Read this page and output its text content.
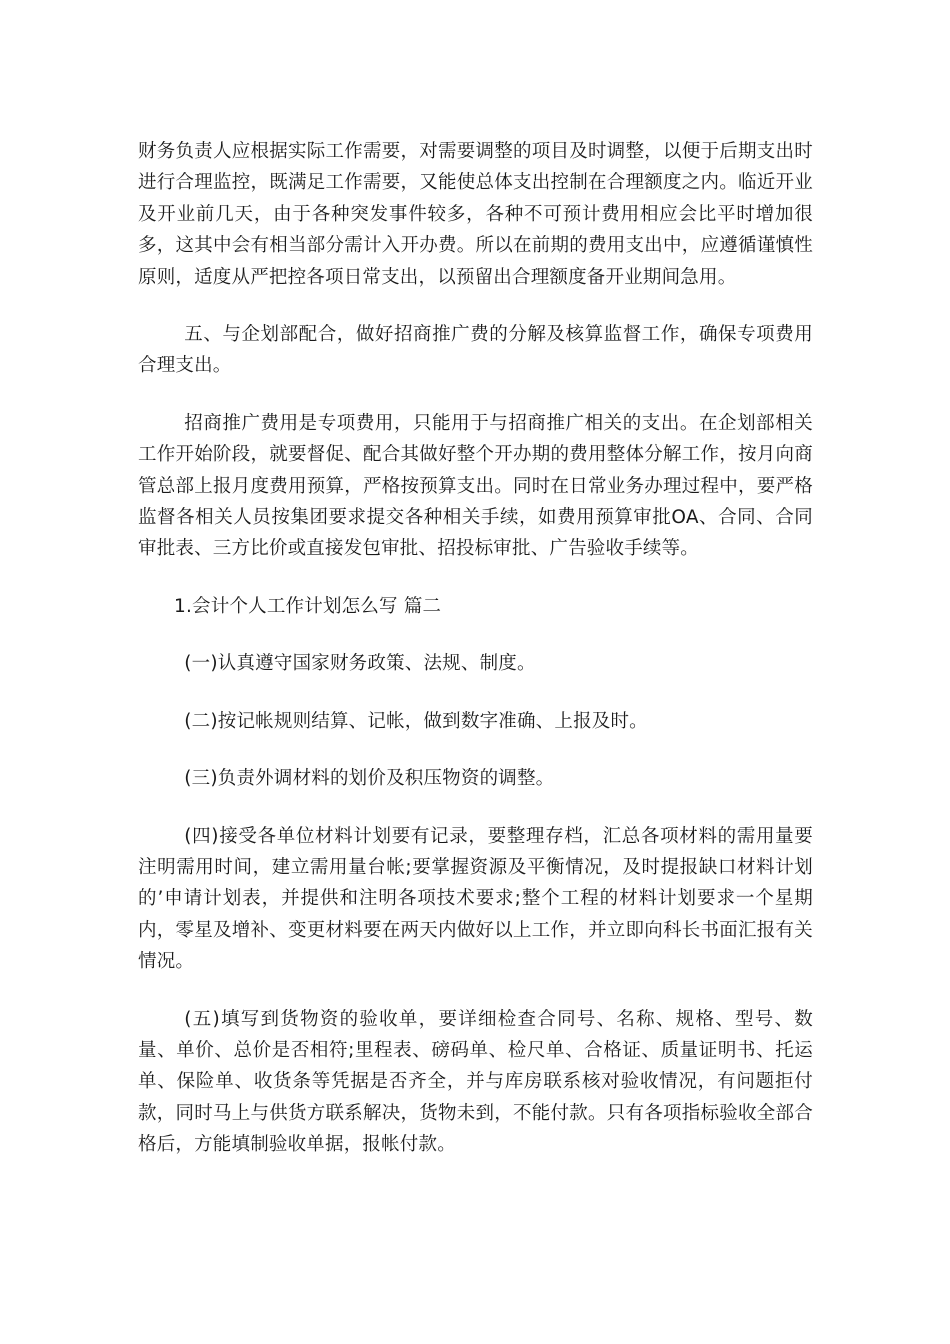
财务负责人应根据实际工作需要，对需要调整的项目及时调整，以便于后期支出时进行合理监控，既满足工作需要，又能使总体支出控制在合理额度之内。临近开业及开业前几天，由于各种突发事件较多，各种不可预计费用相应会比平时增加很多，这其中会有相当部分需计入开办费。所以在前期的费用支出中，应遵循谨慎性原则，适度从严把控各项日常支出，以预留出合理额度备开业期间急用。

五、与企划部配合，做好招商推广费的分解及核算监督工作，确保专项费用合理支出。

招商推广费用是专项费用，只能用于与招商推广相关的支出。在企划部相关工作开始阶段，就要督促、配合其做好整个开办期的费用整体分解工作，按月向商管总部上报月度费用预算，严格按预算支出。同时在日常业务办理过程中，要严格监督各相关人员按集团要求提交各种相关手续，如费用预算审批OA、合同、合同审批表、三方比价或直接发包审批、招投标审批、广告验收手续等。

1.会计个人工作计划怎么写 篇二

(一)认真遵守国家财务政策、法规、制度。

(二)按记帐规则结算、记帐，做到数字准确、上报及时。

(三)负责外调材料的划价及积压物资的调整。

(四)接受各单位材料计划要有记录，要整理存档，汇总各项材料的需用量要注明需用时间，建立需用量台帐;要掌握资源及平衡情况，及时提报缺口材料计划的’申请计划表，并提供和注明各项技术要求;整个工程的材料计划要求一个星期内，零星及增补、变更材料要在两天内做好以上工作，并立即向科长书面汇报有关情况。

(五)填写到货物资的验收单，要详细检查合同号、名称、规格、型号、数量、单价、总价是否相符;里程表、磅码单、检尺单、合格证、质量证明书、托运单、保险单、收货条等凭据是否齐全，并与库房联系核对验收情况，有问题拒付款，同时马上与供货方联系解决，货物未到，不能付款。只有各项指标验收全部合格后，方能填制验收单据，报帐付款。
